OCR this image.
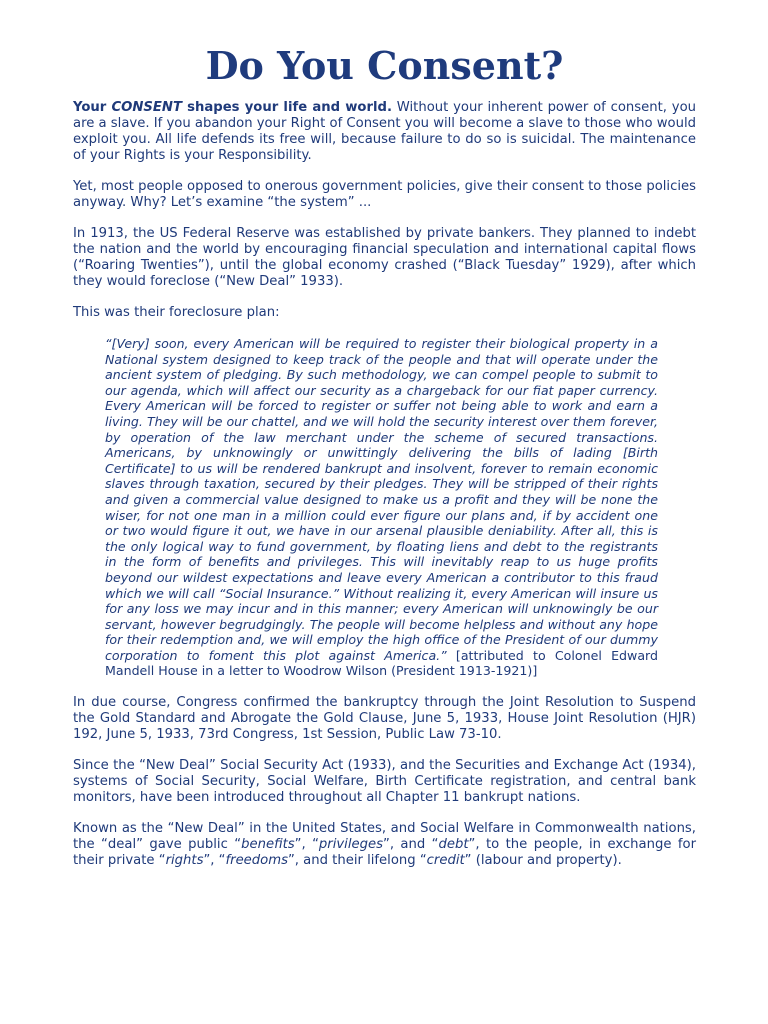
Do You Consent?

Your CONSENT shapes your life and world. Without your inherent power of consent, you are a slave. If you abandon your Right of Consent you will become a slave to those who would exploit you. All life defends its free will, because failure to do so is suicidal. The maintenance of your Rights is your Responsibility.

Yet, most people opposed to onerous government policies, give their consent to those policies anyway. Why? Let’s examine “the system” ...

In 1913, the US Federal Reserve was established by private bankers. They planned to indebt the nation and the world by encouraging financial speculation and international capital flows (“Roaring Twenties”), until the global economy crashed (“Black Tuesday” 1929), after which they would foreclose (“New Deal” 1933).

This was their foreclosure plan:

“[Very] soon, every American will be required to register their biological property in a National system designed to keep track of the people and that will operate under the ancient system of pledging. By such methodology, we can compel people to submit to our agenda, which will affect our security as a chargeback for our fiat paper currency. Every American will be forced to register or suffer not being able to work and earn a living. They will be our chattel, and we will hold the security interest over them forever, by operation of the law merchant under the scheme of secured transactions. Americans, by unknowingly or unwittingly delivering the bills of lading [Birth Certificate] to us will be rendered bankrupt and insolvent, forever to remain economic slaves through taxation, secured by their pledges. They will be stripped of their rights and given a commercial value designed to make us a profit and they will be none the wiser, for not one man in a million could ever figure our plans and, if by accident one or two would figure it out, we have in our arsenal plausible deniability. After all, this is the only logical way to fund government, by floating liens and debt to the registrants in the form of benefits and privileges. This will inevitably reap to us huge profits beyond our wildest expectations and leave every American a contributor to this fraud which we will call “Social Insurance.” Without realizing it, every American will insure us for any loss we may incur and in this manner; every American will unknowingly be our servant, however begrudgingly. The people will become helpless and without any hope for their redemption and, we will employ the high office of the President of our dummy corporation to foment this plot against America.” [attributed to Colonel Edward Mandell House in a letter to Woodrow Wilson (President 1913-1921)]

In due course, Congress confirmed the bankruptcy through the Joint Resolution to Suspend the Gold Standard and Abrogate the Gold Clause, June 5, 1933, House Joint Resolution (HJR) 192, June 5, 1933, 73rd Congress, 1st Session, Public Law 73-10.

Since the “New Deal” Social Security Act (1933), and the Securities and Exchange Act (1934), systems of Social Security, Social Welfare, Birth Certificate registration, and central bank monitors, have been introduced throughout all Chapter 11 bankrupt nations.

Known as the “New Deal” in the United States, and Social Welfare in Commonwealth nations, the “deal” gave public “benefits”, “privileges”, and “debt”, to the people, in exchange for their private “rights”, “freedoms”, and their lifelong “credit” (labour and property).
